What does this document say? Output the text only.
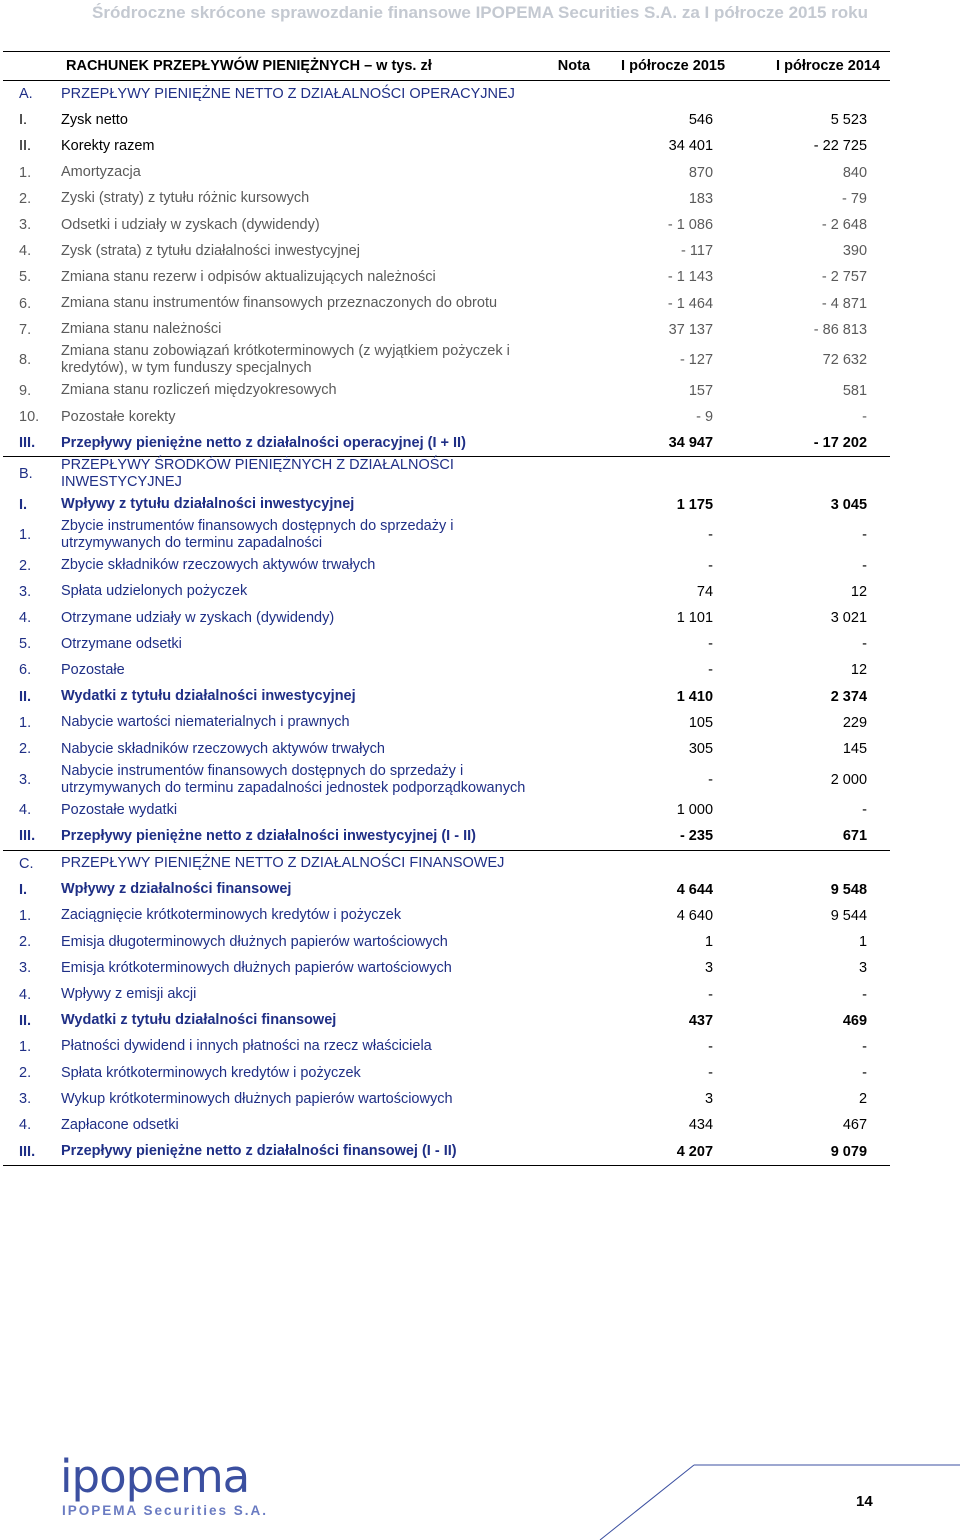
Śródroczne skrócone sprawozdanie finansowe IPOPEMA Securities S.A. za I półrocze 2015 roku
RACHUNEK PRZEPŁYWÓW PIENIĘŻNYCH – w tys. zł		Nota	I półrocze 2015	I półrocze 2014
A.	PRZEPŁYWY PIENIĘŻNE NETTO Z DZIAŁALNOŚCI OPERACYJNEJ			
I.	Zysk netto		546	5 523
II.	Korekty razem		34 401	- 22 725
1.	Amortyzacja		870	840
2.	Zyski (straty) z tytułu różnic kursowych		183	- 79
3.	Odsetki i udziały w zyskach (dywidendy)		- 1 086	- 2 648
4.	Zysk (strata) z tytułu działalności inwestycyjnej		- 117	390
5.	Zmiana stanu rezerw i odpisów aktualizujących należności		- 1 143	- 2 757
6.	Zmiana stanu instrumentów finansowych przeznaczonych do obrotu		- 1 464	- 4 871
7.	Zmiana stanu należności		37 137	- 86 813
8.	Zmiana stanu zobowiązań krótkoterminowych (z wyjątkiem pożyczek i kredytów), w tym funduszy specjalnych		- 127	72 632
9.	Zmiana stanu rozliczeń międzyokresowych		157	581
10.	Pozostałe korekty		- 9	-
III.	Przepływy pieniężne netto z działalności operacyjnej (I + II)		34 947	- 17 202
B.	PRZEPŁYWY ŚRODKÓW PIENIĘŻNYCH Z DZIAŁALNOŚCI INWESTYCYJNEJ			
I.	Wpływy z tytułu działalności inwestycyjnej		1 175	3 045
1.	Zbycie instrumentów finansowych dostępnych do sprzedaży i utrzymywanych do terminu zapadalności		-	-
2.	Zbycie składników rzeczowych aktywów trwałych		-	-
3.	Spłata udzielonych pożyczek		74	12
4.	Otrzymane udziały w zyskach (dywidendy)		1 101	3 021
5.	Otrzymane odsetki		-	-
6.	Pozostałe		-	12
II.	Wydatki z tytułu działalności inwestycyjnej		1 410	2 374
1.	Nabycie wartości niematerialnych i prawnych		105	229
2.	Nabycie składników rzeczowych aktywów trwałych		305	145
3.	Nabycie instrumentów finansowych dostępnych do sprzedaży i utrzymywanych do terminu zapadalności jednostek podporządkowanych		-	2 000
4.	Pozostałe wydatki		1 000	-
III.	Przepływy pieniężne netto z działalności inwestycyjnej (I - II)		- 235	671
C.	PRZEPŁYWY PIENIĘŻNE NETTO Z DZIAŁALNOŚCI FINANSOWEJ			
I.	Wpływy z działalności finansowej		4 644	9 548
1.	Zaciągnięcie krótkoterminowych kredytów i pożyczek		4 640	9 544
2.	Emisja długoterminowych dłużnych papierów wartościowych		1	1
3.	Emisja krótkoterminowych dłużnych papierów wartościowych		3	3
4.	Wpływy z emisji akcji		-	-
II.	Wydatki z tytułu działalności finansowej		437	469
1.	Płatności dywidend i innych płatności na rzecz właściciela		-	-
2.	Spłata krótkoterminowych kredytów i pożyczek		-	-
3.	Wykup krótkoterminowych dłużnych papierów wartościowych		3	2
4.	Zapłacone odsetki		434	467
III.	Przepływy pieniężne netto z działalności finansowej (I - II)		4 207	9 079
ipopema
IPOPEMA Securities S.A.
14
